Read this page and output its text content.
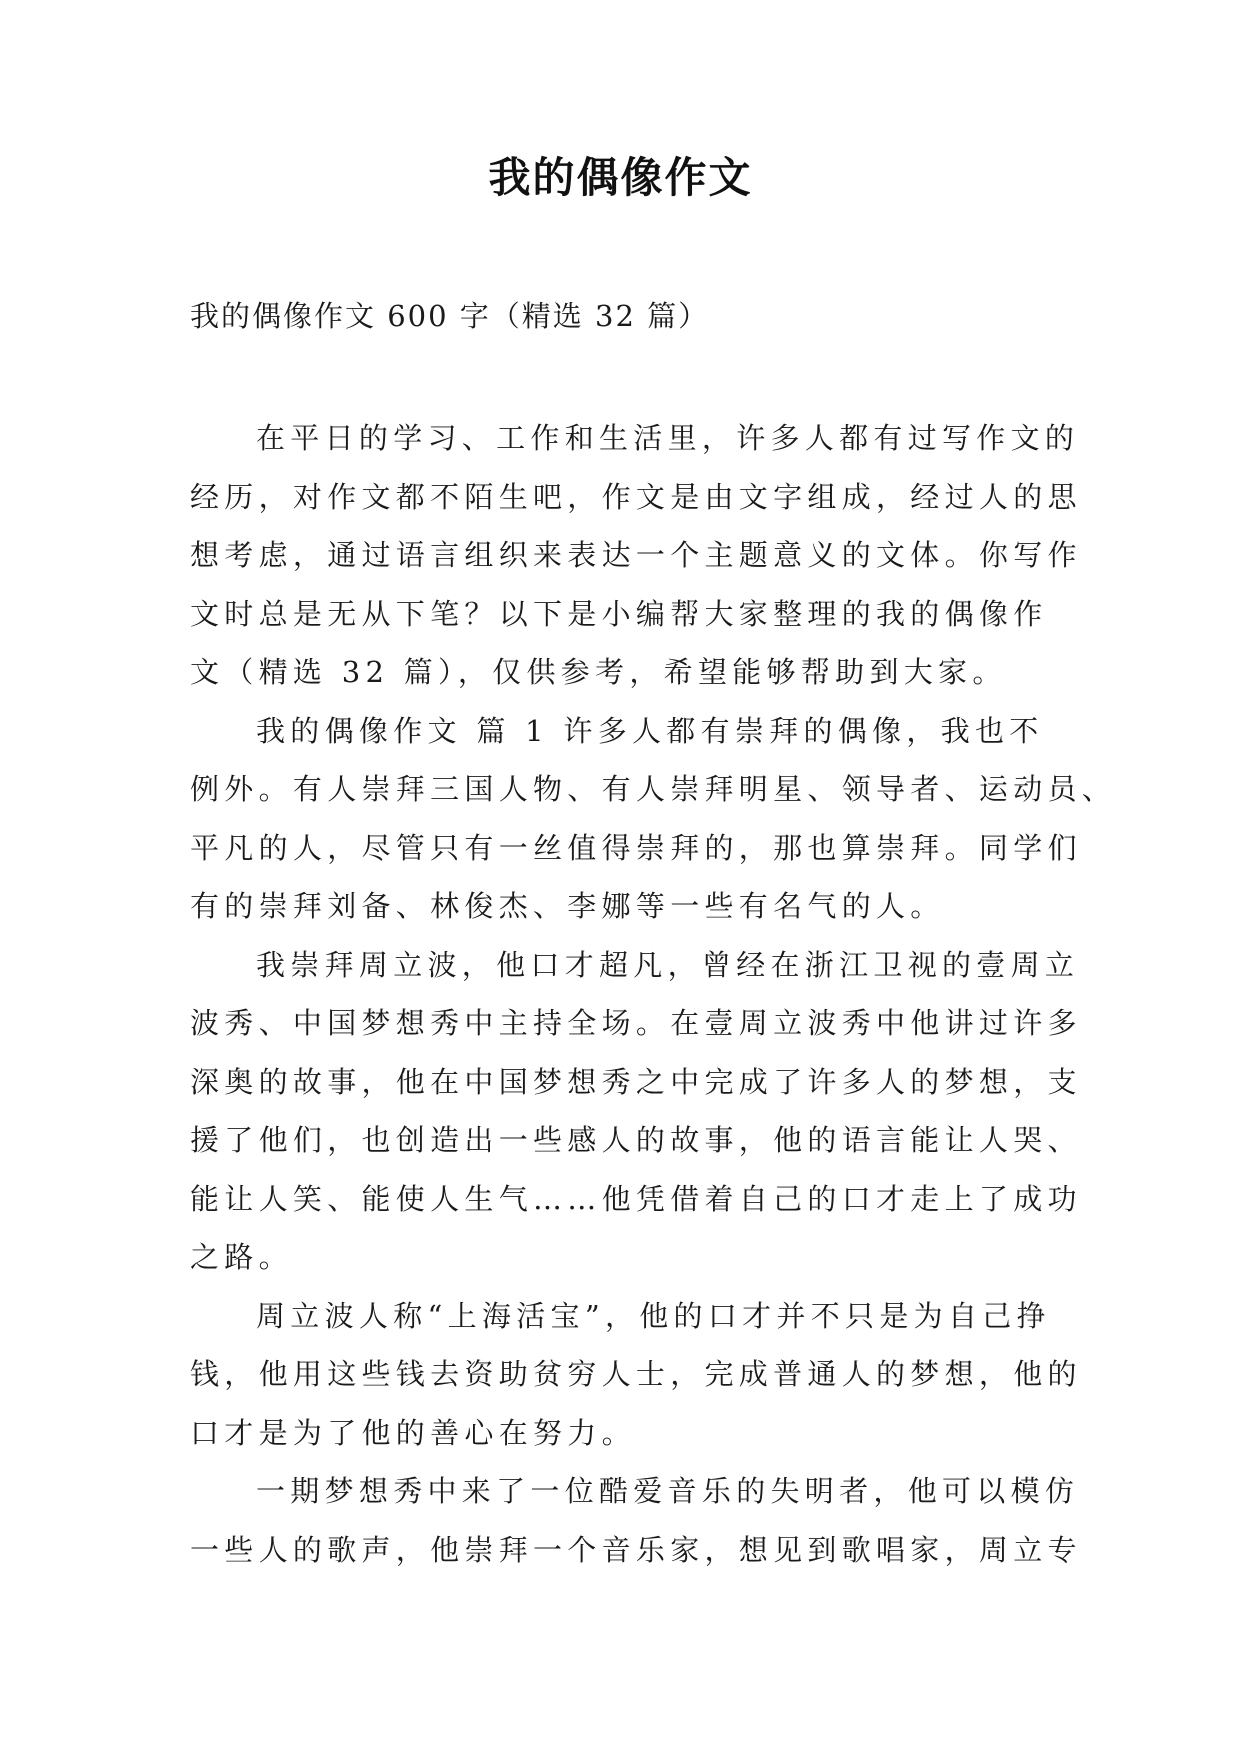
我的偶像作文
我的偶像作文 600 字（精选 32 篇）
在平日的学习、工作和生活里，许多人都有过写作文的
经历，对作文都不陌生吧，作文是由文字组成，经过人的思
想考虑，通过语言组织来表达一个主题意义的文体。你写作
文时总是无从下笔？以下是小编帮大家整理的我的偶像作
文（精选 32 篇），仅供参考，希望能够帮助到大家。
我的偶像作文 篇 1 许多人都有崇拜的偶像，我也不
例外。有人崇拜三国人物、有人崇拜明星、领导者、运动员、
平凡的人，尽管只有一丝值得崇拜的，那也算崇拜。同学们
有的崇拜刘备、林俊杰、李娜等一些有名气的人。
我崇拜周立波，他口才超凡，曾经在浙江卫视的壹周立
波秀、中国梦想秀中主持全场。在壹周立波秀中他讲过许多
深奥的故事，他在中国梦想秀之中完成了许多人的梦想，支
援了他们，也创造出一些感人的故事，他的语言能让人哭、
能让人笑、能使人生气……他凭借着自己的口才走上了成功
之路。
周立波人称“上海活宝”，他的口才并不只是为自己挣
钱，他用这些钱去资助贫穷人士，完成普通人的梦想，他的
口才是为了他的善心在努力。
一期梦想秀中来了一位酷爱音乐的失明者，他可以模仿
一些人的歌声，他崇拜一个音乐家，想见到歌唱家，周立专
